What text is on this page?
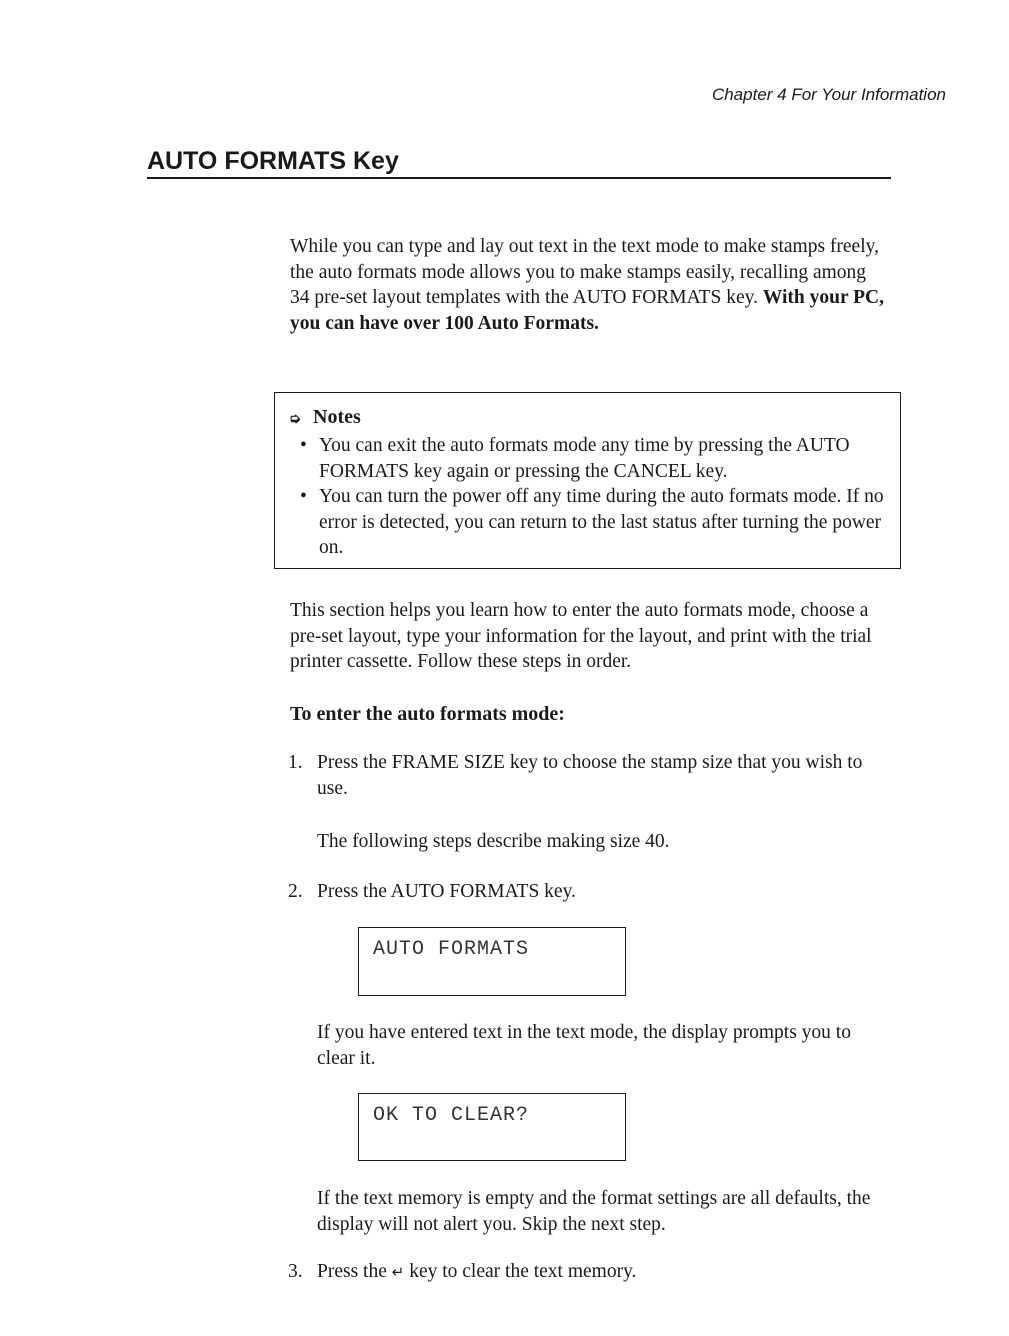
Chapter 4 For Your Information
AUTO FORMATS Key

While you can type and lay out text in the text mode to make stamps freely, the auto formats mode allows you to make stamps easily, recalling among 34 pre-set layout templates with the AUTO FORMATS key. With your PC, you can have over 100 Auto Formats.

➭ Notes
• You can exit the auto formats mode any time by pressing the AUTO FORMATS key again or pressing the CANCEL key.
• You can turn the power off any time during the auto formats mode. If no error is detected, you can return to the last status after turning the power on.

This section helps you learn how to enter the auto formats mode, choose a pre-set layout, type your information for the layout, and print with the trial printer cassette. Follow these steps in order.

To enter the auto formats mode:
1. Press the FRAME SIZE key to choose the stamp size that you wish to use.

The following steps describe making size 40.

2. Press the AUTO FORMATS key.

AUTO FORMATS

If you have entered text in the text mode, the display prompts you to clear it.

OK TO CLEAR?

If the text memory is empty and the format settings are all defaults, the display will not alert you. Skip the next step.

3. Press the ↵ key to clear the text memory.
